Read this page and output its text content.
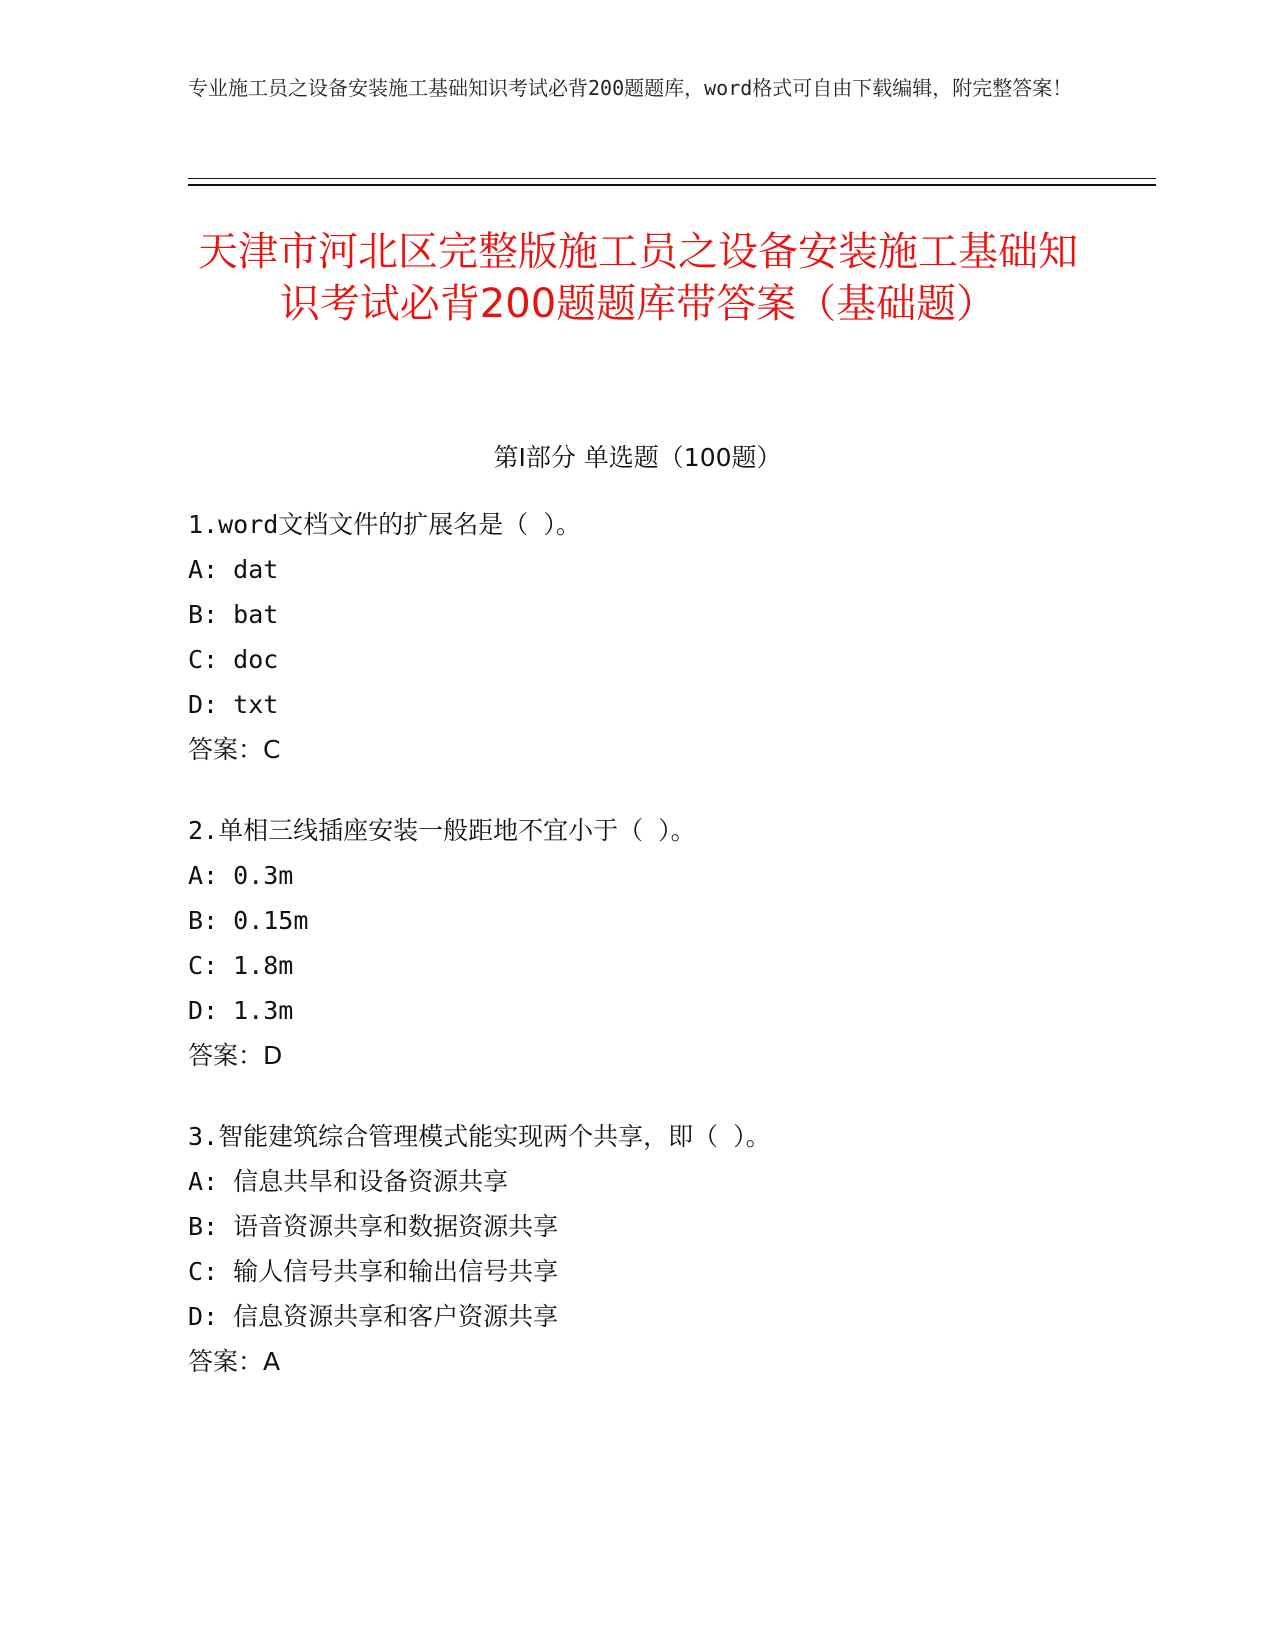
专业施工员之设备安装施工基础知识考试必背200题题库，word格式可自由下载编辑，附完整答案！
天津市河北区完整版施工员之设备安装施工基础知识考试必背200题题库带答案（基础题）
第I部分 单选题（100题）
1.word文档文件的扩展名是（ ）。
A: dat
B: bat
C: doc
D: txt
答案：C
2.单相三线插座安装一般距地不宜小于（ ）。
A: 0.3m
B: 0.15m
C: 1.8m
D: 1.3m
答案：D
3.智能建筑综合管理模式能实现两个共享，即（ ）。
A: 信息共旱和设备资源共享
B: 语音资源共享和数据资源共享
C: 输人信号共享和输出信号共享
D: 信息资源共享和客户资源共享
答案：A
